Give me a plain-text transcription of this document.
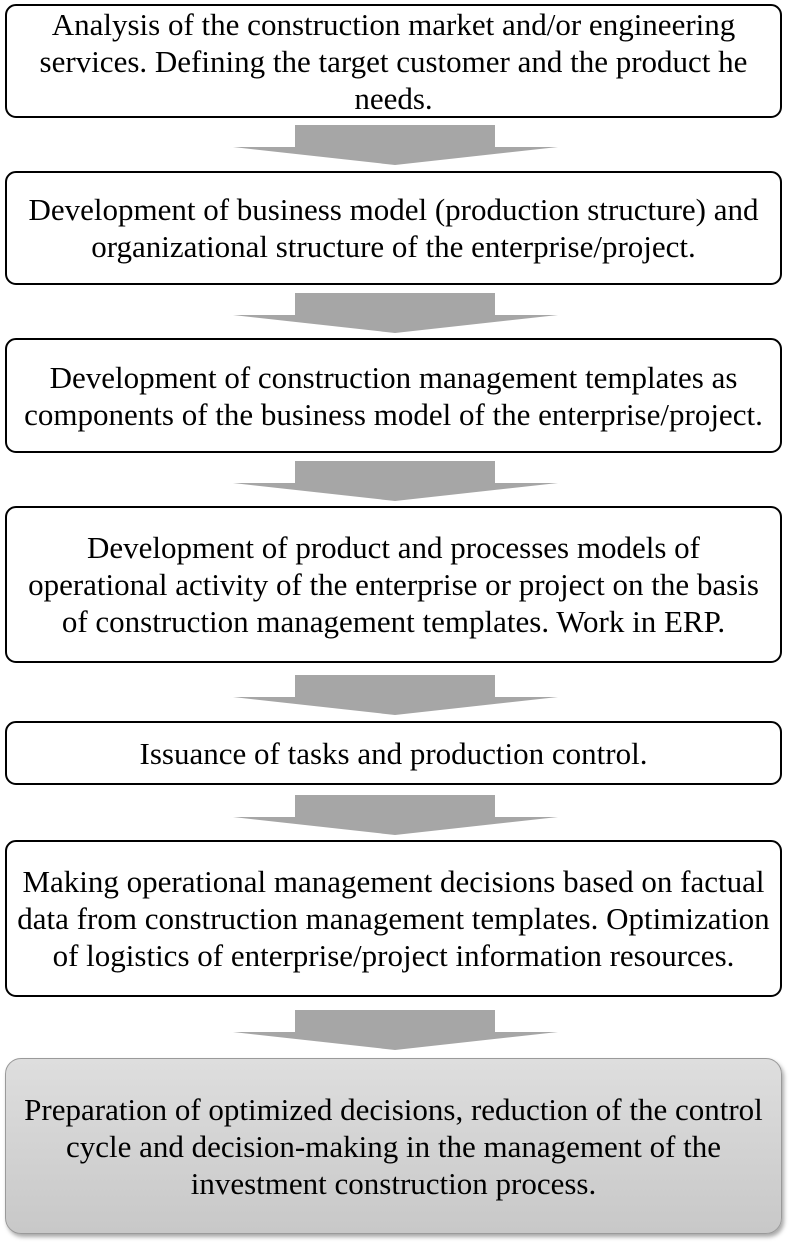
Analysis of the construction market and/or engineering services. Defining the target customer and the product he needs.
Development of business model (production structure) and organizational structure of the enterprise/project.
Development of construction management templates as components of the business model of the enterprise/project.
Development of product and processes models of operational activity of the enterprise or project on the basis of construction management templates. Work in ERP.
Issuance of tasks and production control.
Making operational management decisions based on factual data from construction management templates. Optimization of logistics of enterprise/project information resources.
Preparation of optimized decisions, reduction of the control cycle and decision-making in the management of the investment construction process.
